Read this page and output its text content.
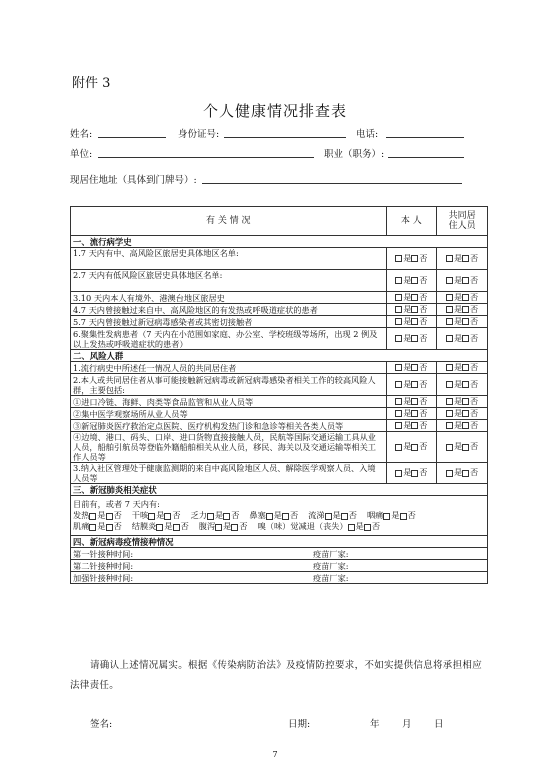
附件 3
个人健康情况排查表
姓名:	身份证号:	电话:
单位:	职业（职务）:
现居住地址（具体到门牌号）:
有 关 情 况	本 人	共同居
住人员
一、流行病学史		
1.7 天内有中、高风险区旅居史具体地区名单:	是 否	是 否
2.7 天内有低风险区旅居史具体地区名单:	是 否	是 否
3.10 天内本人有境外、港澳台地区旅居史	是 否	是 否
4.7 天内曾接触过来自中、高风险地区的有发热或呼吸道症状的患者	是 否	是 否
5.7 天内曾接触过新冠病毒感染者或其密切接触者	是 否	是 否
6.聚集性发病患者（7 天内在小范围如家庭、办公室、学校班级等场所，出现 2 例及以上发热或呼吸道症状的患者）	是 否	是 否
二、风险人群		
1.流行病史中所述任一情况人员的共同居住者	是 否	是 否
2.本人或共同居住者从事可能接触新冠病毒或新冠病毒感染者相关工作的较高风险人群，主要包括:	是 否	是 否
①进口冷链、海鲜、肉类等食品监管和从业人员等	是 否	是 否
②集中医学观察场所从业人员等	是 否	是 否
③新冠肺炎医疗救治定点医院、医疗机构发热门诊和急诊等相关各类人员等	是 否	是 否
④边境、港口、码头、口岸、进口货物直接接触人员，民航等国际交通运输工具从业人员，船舶引航员等登临外籍船舶相关从业人员，移民、海关以及交通运输等相关工作人员等	是 否	是 否
3.纳入社区管理处于健康监测期的来自中高风险地区人员、解除医学观察人员、入境人员等	是 否	是 否
三、新冠肺炎相关症状		

目前有，或者 7 天内有:
发热 是 否 干咳 是 否 乏力 是 否 鼻塞 是 否 流涕 是 否 咽痛 是 否
肌痛 是 否 结膜炎 是 否 腹泻 是 否 嗅（味）觉减退（丧失） 是 否		

四、新冠病毒疫情接种情况		
第一针接种时间: 疫苗厂家:		
第二针接种时间: 疫苗厂家:		
加强针接种时间: 疫苗厂家:		
请确认上述情况属实。根据《传染病防治法》及疫情防控要求，不如实提供信息将承担相应法律责任。
签名:	日期:	年 月 日
7
